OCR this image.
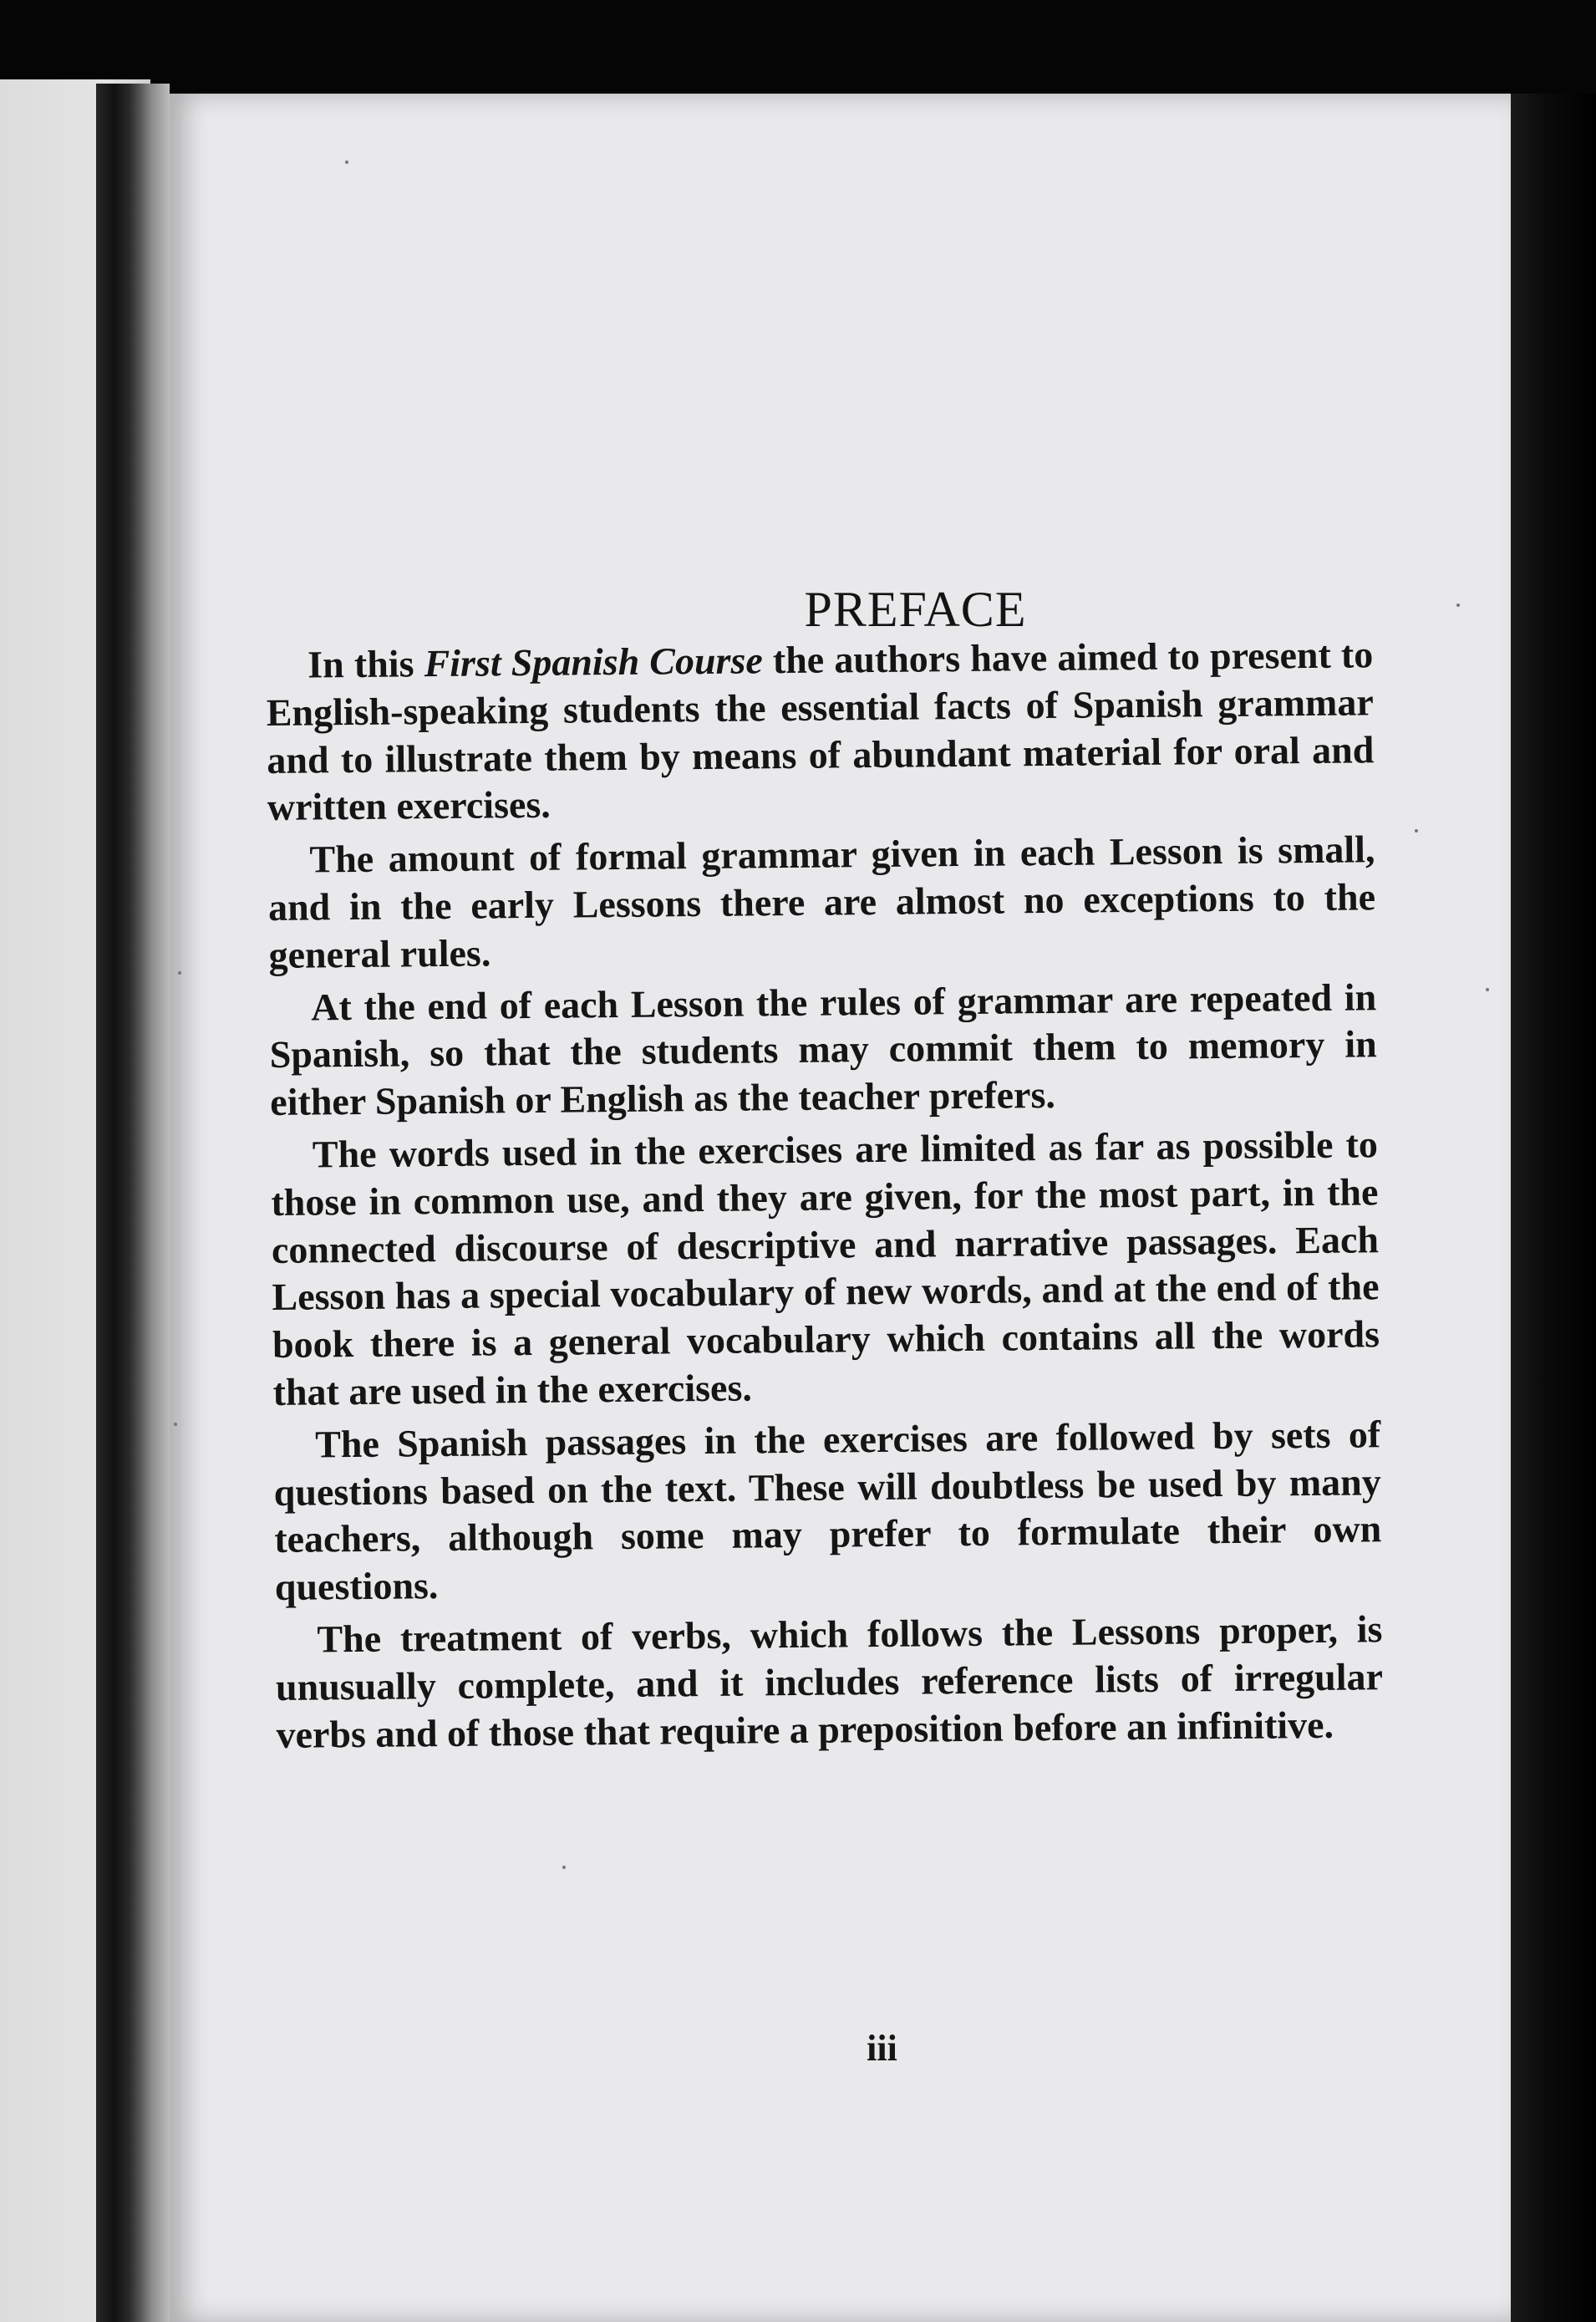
PREFACE

In this First Spanish Course the authors have aimed to present to English-speaking students the essential facts of Spanish grammar and to illustrate them by means of abundant material for oral and written exercises.

The amount of formal grammar given in each Lesson is small, and in the early Lessons there are almost no exceptions to the general rules.

At the end of each Lesson the rules of grammar are repeated in Spanish, so that the students may commit them to memory in either Spanish or English as the teacher prefers.

The words used in the exercises are limited as far as possible to those in common use, and they are given, for the most part, in the connected discourse of descriptive and narrative passages. Each Lesson has a special vocabulary of new words, and at the end of the book there is a general vocabulary which contains all the words that are used in the exercises.

The Spanish passages in the exercises are followed by sets of questions based on the text. These will doubtless be used by many teachers, although some may prefer to formulate their own questions.

The treatment of verbs, which follows the Lessons proper, is unusually complete, and it includes reference lists of irregular verbs and of those that require a preposition before an infinitive.

iii
